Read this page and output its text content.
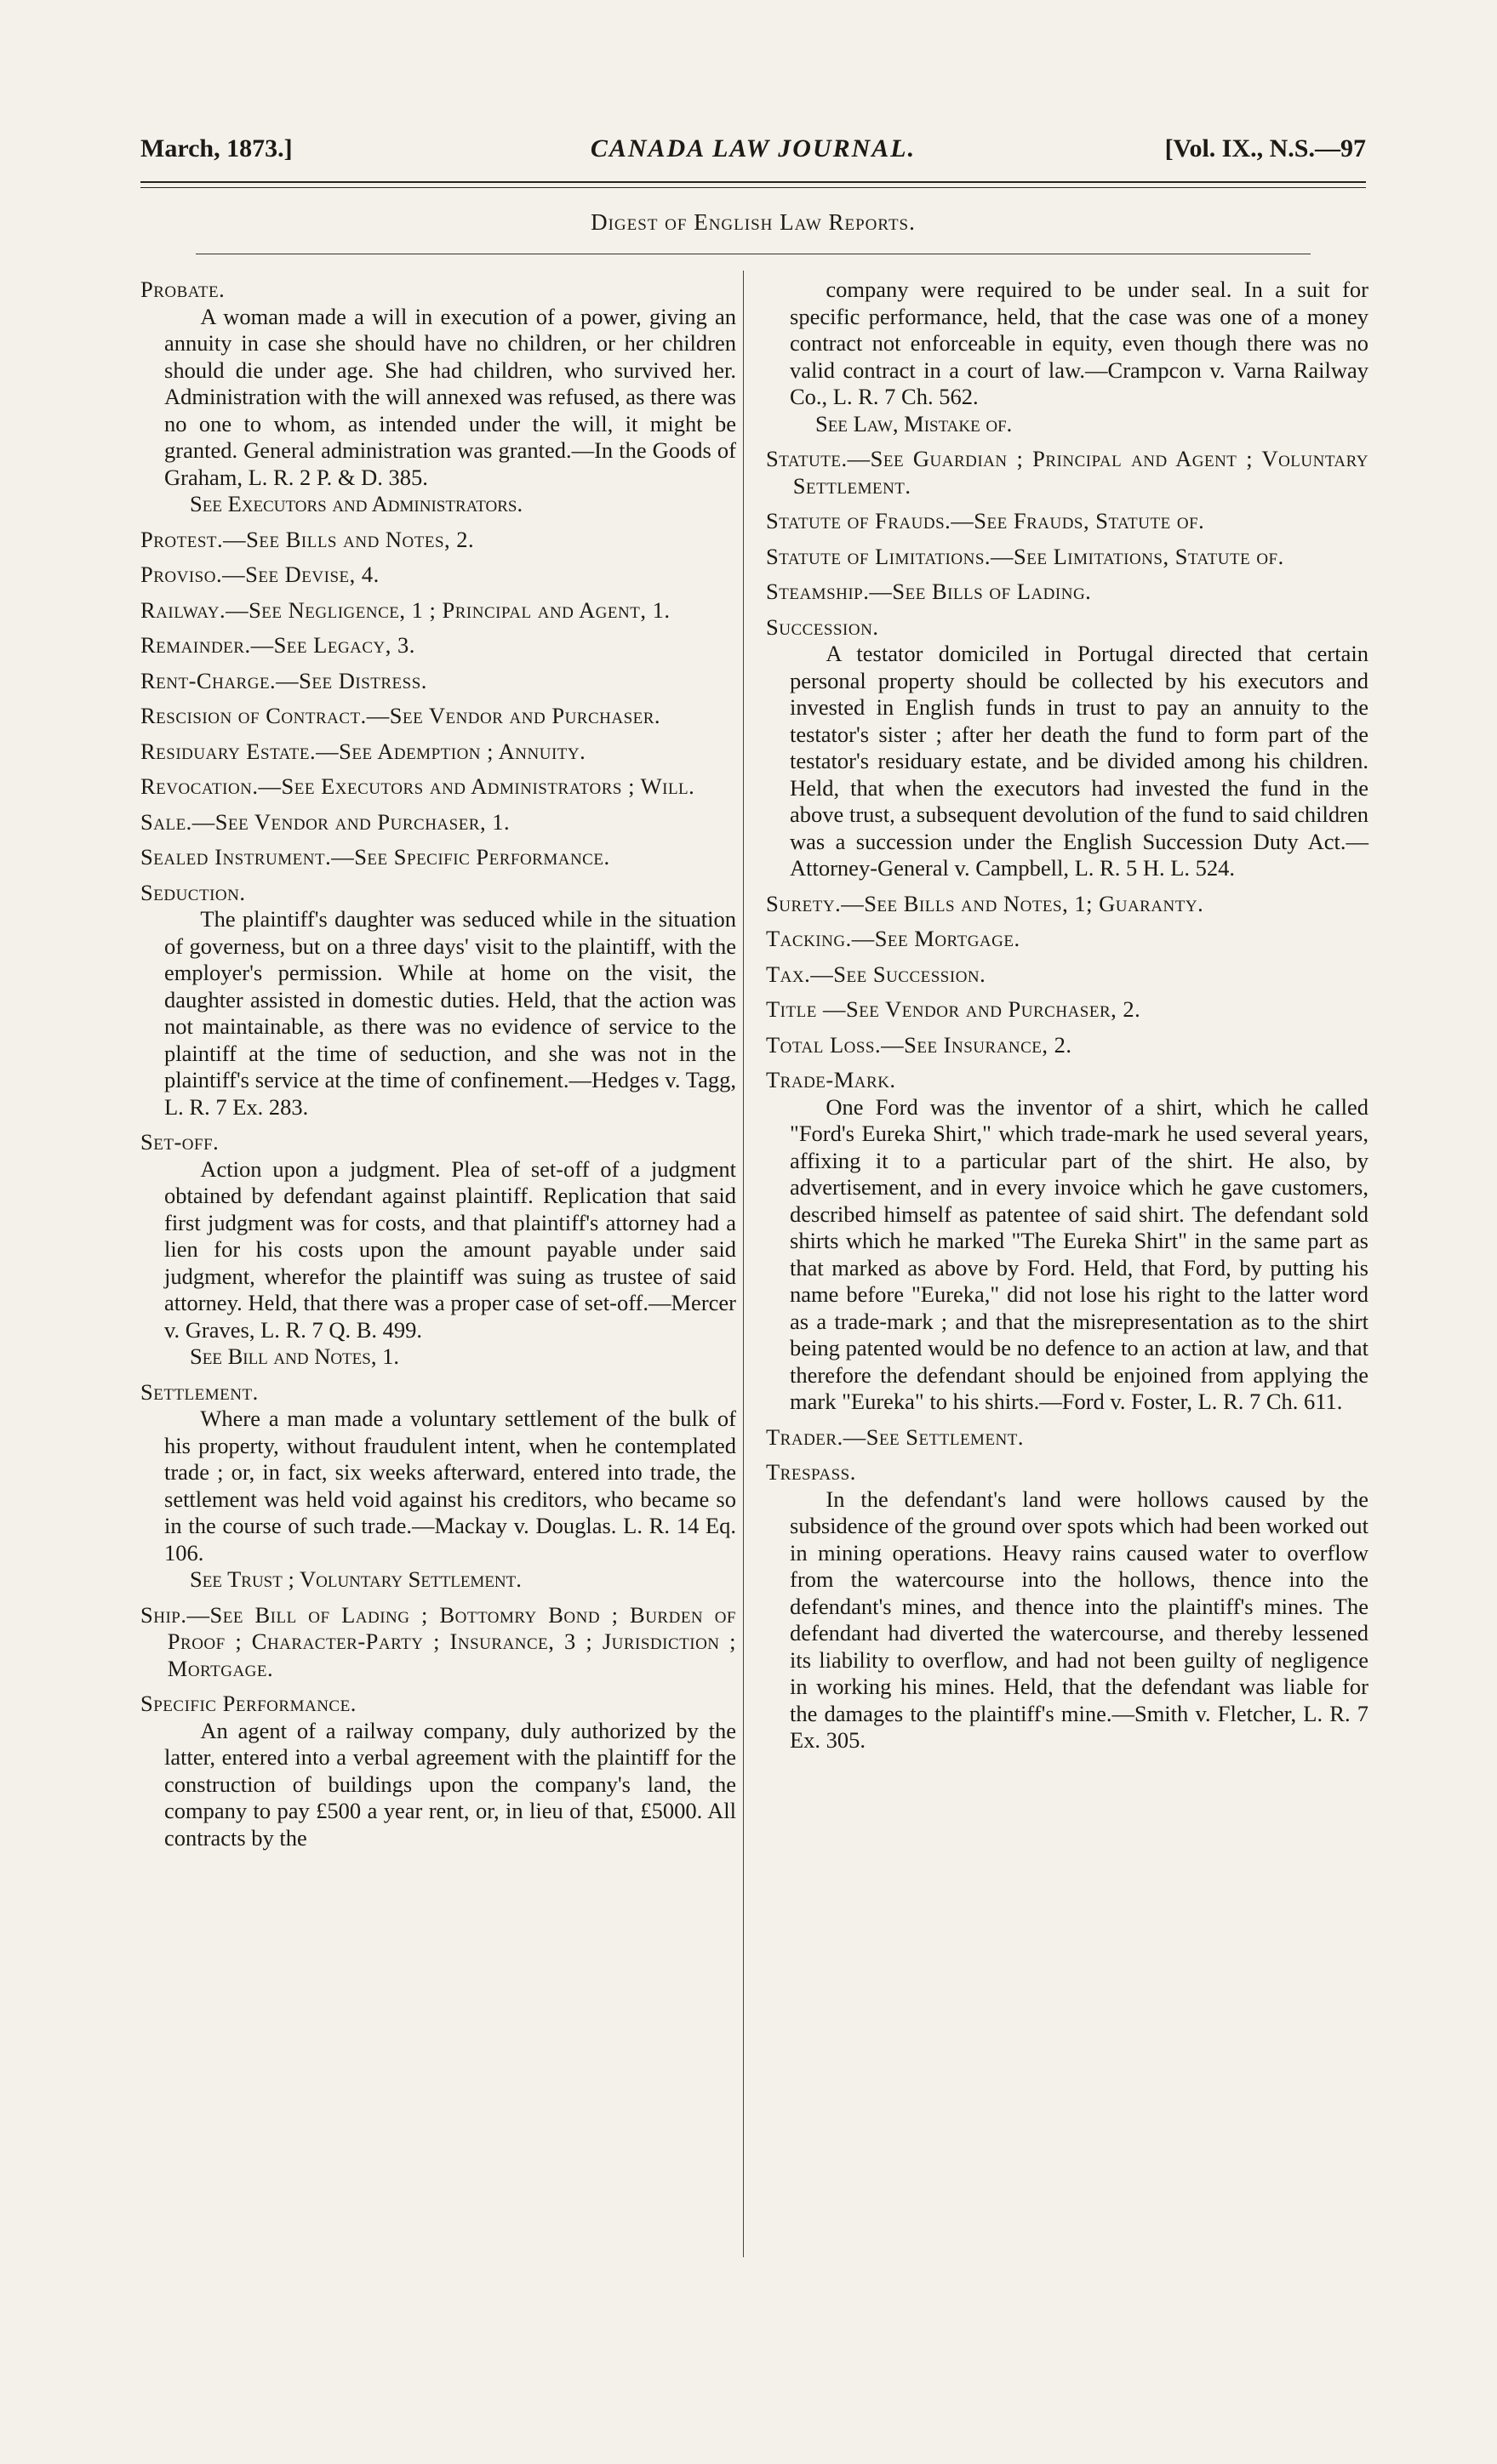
March, 1873.]	CANADA LAW JOURNAL.	[Vol. IX., N.S.—97
Digest of English Law Reports.
Probate.
A woman made a will in execution of a power, giving an annuity in case she should have no children, or her children should die under age. She had children, who survived her. Administration with the will annexed was refused, as there was no one to whom, as intended under the will, it might be granted. General administration was granted.—In the Goods of Graham, L. R. 2 P. & D. 385.
See Executors and Administrators.
Protest.—See Bills and Notes, 2.
Proviso.—See Devise, 4.
Railway.—See Negligence, 1 ; Principal and Agent, 1.
Remainder.—See Legacy, 3.
Rent-Charge.—See Distress.
Rescision of Contract.—See Vendor and Purchaser.
Residuary Estate.—See Ademption ; Annuity.
Revocation.—See Executors and Administrators ; Will.
Sale.—See Vendor and Purchaser, 1.
Sealed Instrument.—See Specific Performance.
Seduction.
The plaintiff's daughter was seduced while in the situation of governess, but on a three days' visit to the plaintiff, with the employer's permission. While at home on the visit, the daughter assisted in domestic duties. Held, that the action was not maintainable, as there was no evidence of service to the plaintiff at the time of seduction, and she was not in the plaintiff's service at the time of confinement.—Hedges v. Tagg, L. R. 7 Ex. 283.
Set-off.
Action upon a judgment. Plea of set-off of a judgment obtained by defendant against plaintiff. Replication that said first judgment was for costs, and that plaintiff's attorney had a lien for his costs upon the amount payable under said judgment, wherefor the plaintiff was suing as trustee of said attorney. Held, that there was a proper case of set-off.—Mercer v. Graves, L. R. 7 Q. B. 499.
See Bill and Notes, 1.
Settlement.
Where a man made a voluntary settlement of the bulk of his property, without fraudulent intent, when he contemplated trade ; or, in fact, six weeks afterward, entered into trade, the settlement was held void against his creditors, who became so in the course of such trade.—Mackay v. Douglas. L. R. 14 Eq. 106.
See Trust ; Voluntary Settlement.
Ship.—See Bill of Lading ; Bottomry Bond ; Burden of Proof ; Character-Party ; Insurance, 3 ; Jurisdiction ; Mortgage.
Specific Performance.
An agent of a railway company, duly authorized by the latter, entered into a verbal agreement with the plaintiff for the construction of buildings upon the company's land, the company to pay £500 a year rent, or, in lieu of that, £5000. All contracts by the
company were required to be under seal. In a suit for specific performance, held, that the case was one of a money contract not enforceable in equity, even though there was no valid contract in a court of law.—Crampcon v. Varna Railway Co., L. R. 7 Ch. 562.
See Law, Mistake of.
Statute.—See Guardian ; Principal and Agent ; Voluntary Settlement.
Statute of Frauds.—See Frauds, Statute of.
Statute of Limitations.—See Limitations, Statute of.
Steamship.—See Bills of Lading.
Succession.
A testator domiciled in Portugal directed that certain personal property should be collected by his executors and invested in English funds in trust to pay an annuity to the testator's sister ; after her death the fund to form part of the testator's residuary estate, and be divided among his children. Held, that when the executors had invested the fund in the above trust, a subsequent devolution of the fund to said children was a succession under the English Succession Duty Act.—Attorney-General v. Campbell, L. R. 5 H. L. 524.
Surety.—See Bills and Notes, 1; Guaranty.
Tacking.—See Mortgage.
Tax.—See Succession.
Title —See Vendor and Purchaser, 2.
Total Loss.—See Insurance, 2.
Trade-Mark.
One Ford was the inventor of a shirt, which he called "Ford's Eureka Shirt," which trade-mark he used several years, affixing it to a particular part of the shirt. He also, by advertisement, and in every invoice which he gave customers, described himself as patentee of said shirt. The defendant sold shirts which he marked "The Eureka Shirt" in the same part as that marked as above by Ford. Held, that Ford, by putting his name before "Eureka," did not lose his right to the latter word as a trade-mark ; and that the misrepresentation as to the shirt being patented would be no defence to an action at law, and that therefore the defendant should be enjoined from applying the mark "Eureka" to his shirts.—Ford v. Foster, L. R. 7 Ch. 611.
Trader.—See Settlement.
Trespass.
In the defendant's land were hollows caused by the subsidence of the ground over spots which had been worked out in mining operations. Heavy rains caused water to overflow from the watercourse into the hollows, thence into the defendant's mines, and thence into the plaintiff's mines. The defendant had diverted the watercourse, and thereby lessened its liability to overflow, and had not been guilty of negligence in working his mines. Held, that the defendant was liable for the damages to the plaintiff's mine.—Smith v. Fletcher, L. R. 7 Ex. 305.
